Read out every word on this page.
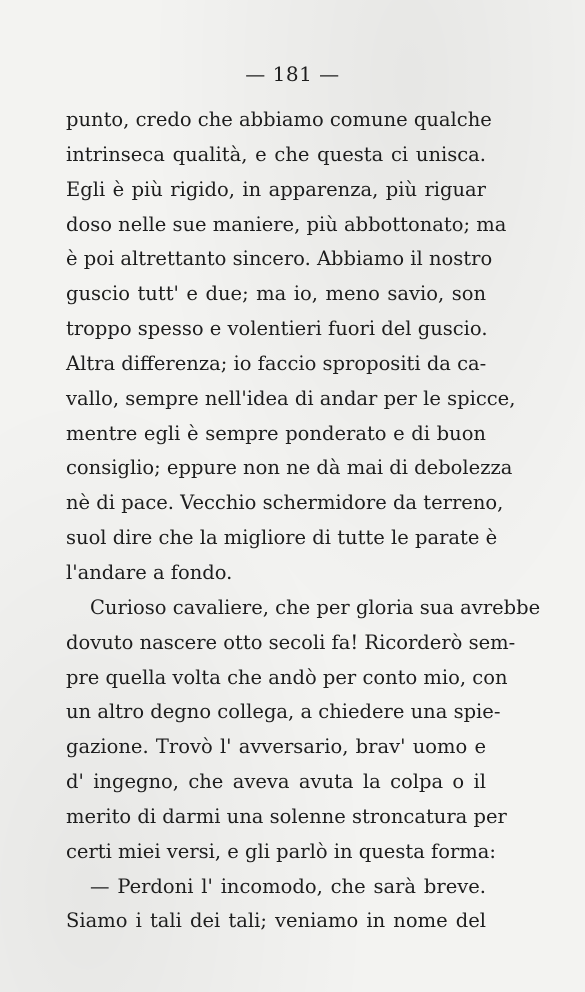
— 181 —
punto, credo che abbiamo comune qualche
intrinseca qualità, e che questa ci unisca.
Egli è più rigido, in apparenza, più riguar
doso nelle sue maniere, più abbottonato; ma
è poi altrettanto sincero. Abbiamo il nostro
guscio tutt' e due; ma io, meno savio, son
troppo spesso e volentieri fuori del guscio.
Altra differenza; io faccio spropositi da ca-
vallo, sempre nell'idea di andar per le spicce,
mentre egli è sempre ponderato e di buon
consiglio; eppure non ne dà mai di debolezza
nè di pace. Vecchio schermidore da terreno,
suol dire che la migliore di tutte le parate è
l'andare a fondo.
Curioso cavaliere, che per gloria sua avrebbe
dovuto nascere otto secoli fa! Ricorderò sem-
pre quella volta che andò per conto mio, con
un altro degno collega, a chiedere una spie-
gazione. Trovò l' avversario, brav' uomo e
d' ingegno, che aveva avuta la colpa o il
merito di darmi una solenne stroncatura per
certi miei versi, e gli parlò in questa forma:
— Perdoni l' incomodo, che sarà breve.
Siamo i tali dei tali; veniamo in nome del
